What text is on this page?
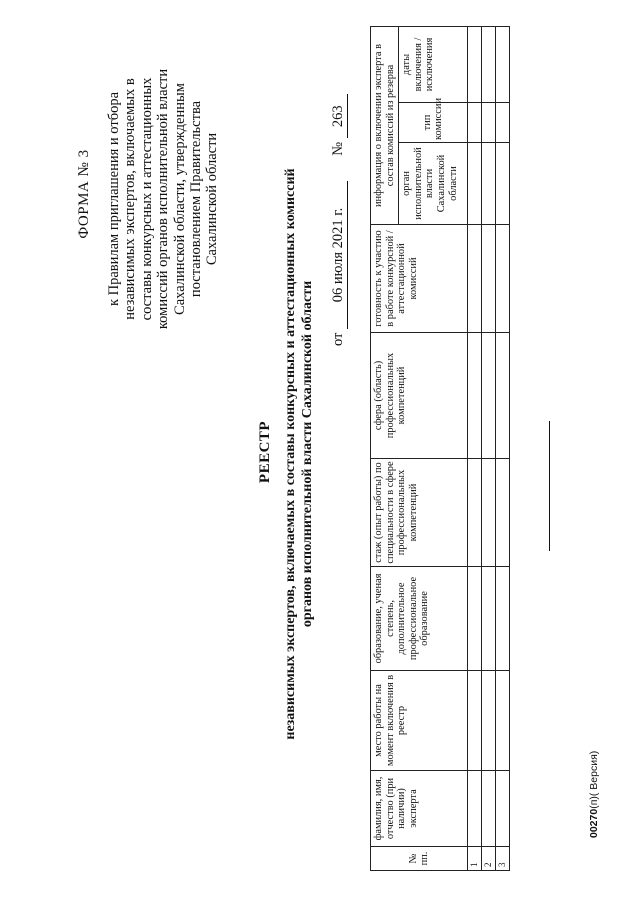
ФОРМА № 3 к Правилам приглашения и отбора независимых экспертов, включаемых в составы конкурсных и аттестационных комиссий органов исполнительной власти Сахалинской области, утвержденным постановлением Правительства Сахалинской области
от 06 июля 2021 г.  № 263
РЕЕСТР независимых экспертов, включаемых в составы конкурсных и аттестационных комиссий органов исполнительной власти Сахалинской области
№ пп.	фамилия, имя, отчество (при наличии) эксперта	место работы на момент включения в реестр	образование, ученая степень, дополнительное профессиональное образование	стаж (опыт работы) по специальности в сфере профессиональных компетенций	сфера (область) профессиональных компетенций	готовность к участию в работе конкурсной / аттестационной комиссий	информация о включении эксперта в состав комиссий из резерва		
							орган исполнительной власти Сахалинской области	тип комиссии	даты включения / исключения
1									
2									
3									
00270(п)( Версия)
